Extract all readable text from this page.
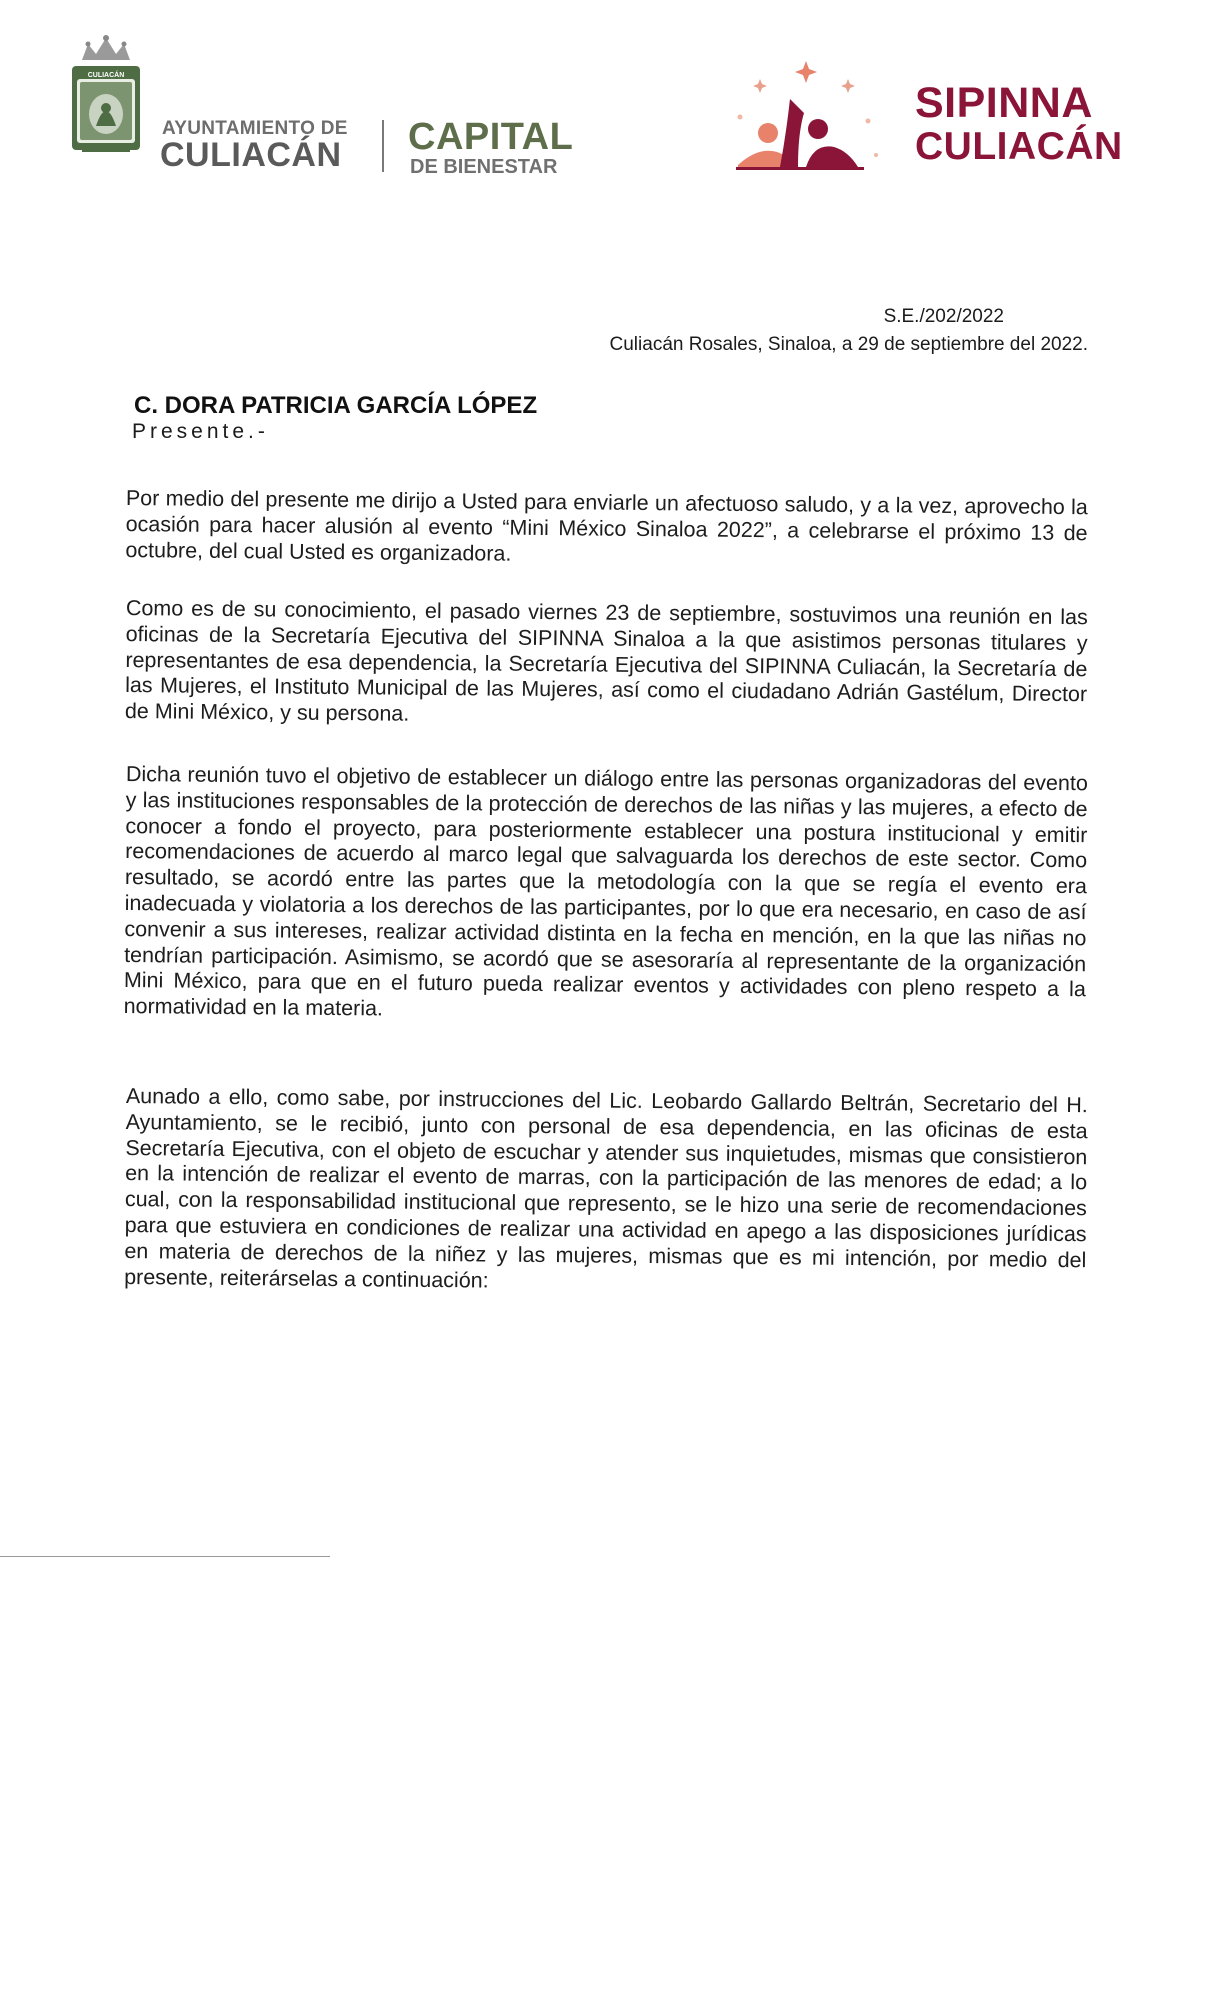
CULIACÁN
AYUNTAMIENTO DE
CULIACÁN CAPITAL
DE BIENESTAR
SIPINNA
CULIACÁN
S.E./202/2022
Culiacán Rosales, Sinaloa, a 29 de septiembre del 2022.
C. DORA PATRICIA GARCÍA LÓPEZ
Presente.-

Por medio del presente me dirijo a Usted para enviarle un afectuoso saludo, y a la vez, aprovecho la ocasión para hacer alusión al evento “Mini México Sinaloa 2022”, a celebrarse el próximo 13 de octubre, del cual Usted es organizadora.

Como es de su conocimiento, el pasado viernes 23 de septiembre, sostuvimos una reunión en las oficinas de la Secretaría Ejecutiva del SIPINNA Sinaloa a la que asistimos personas titulares y representantes de esa dependencia, la Secretaría Ejecutiva del SIPINNA Culiacán, la Secretaría de las Mujeres, el Instituto Municipal de las Mujeres, así como el ciudadano Adrián Gastélum, Director de Mini México, y su persona.

Dicha reunión tuvo el objetivo de establecer un diálogo entre las personas organizadoras del evento y las instituciones responsables de la protección de derechos de las niñas y las mujeres, a efecto de conocer a fondo el proyecto, para posteriormente establecer una postura institucional y emitir recomendaciones de acuerdo al marco legal que salvaguarda los derechos de este sector. Como resultado, se acordó entre las partes que la metodología con la que se regía el evento era inadecuada y violatoria a los derechos de las participantes, por lo que era necesario, en caso de así convenir a sus intereses, realizar actividad distinta en la fecha en mención, en la que las niñas no tendrían participación. Asimismo, se acordó que se asesoraría al representante de la organización Mini México, para que en el futuro pueda realizar eventos y actividades con pleno respeto a la normatividad en la materia.

Aunado a ello, como sabe, por instrucciones del Lic. Leobardo Gallardo Beltrán, Secretario del H. Ayuntamiento, se le recibió, junto con personal de esa dependencia, en las oficinas de esta Secretaría Ejecutiva, con el objeto de escuchar y atender sus inquietudes, mismas que consistieron en la intención de realizar el evento de marras, con la participación de las menores de edad; a lo cual, con la responsabilidad institucional que represento, se le hizo una serie de recomendaciones para que estuviera en condiciones de realizar una actividad en apego a las disposiciones jurídicas en materia de derechos de la niñez y las mujeres, mismas que es mi intención, por medio del presente, reiterárselas a continuación:
